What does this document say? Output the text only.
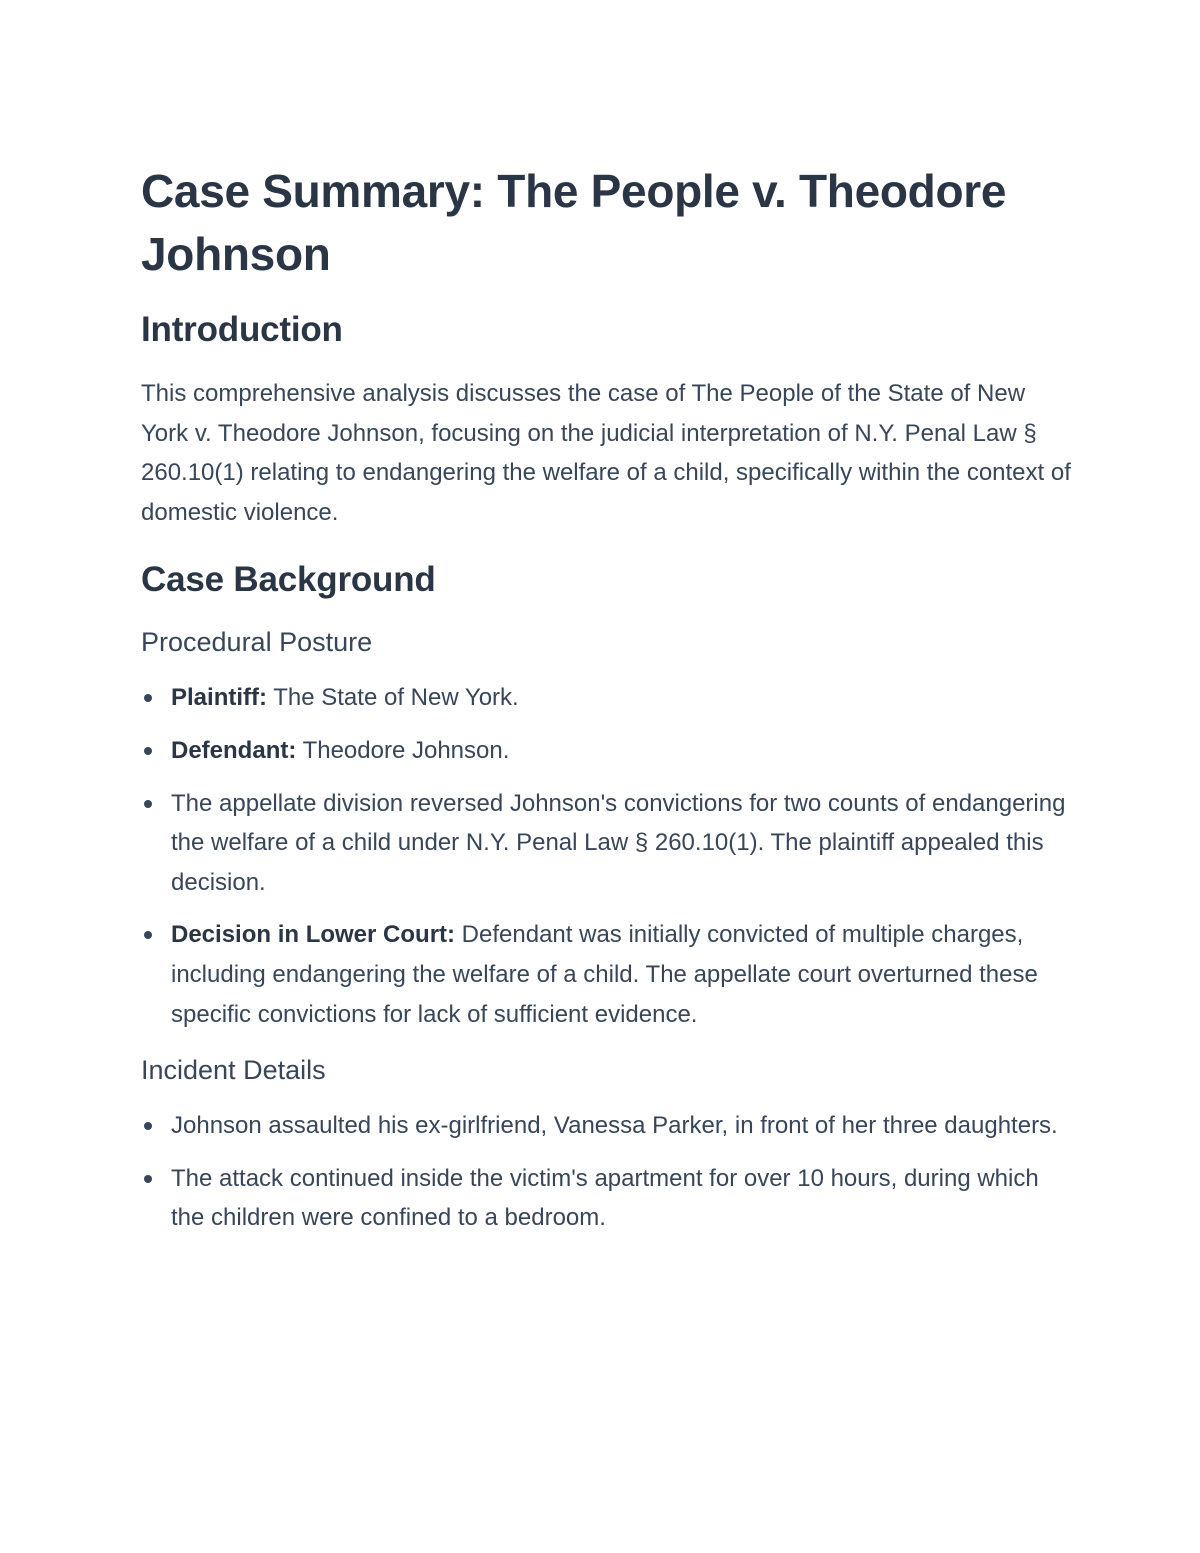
Case Summary: The People v. Theodore Johnson
Introduction

This comprehensive analysis discusses the case of The People of the State of New York v. Theodore Johnson, focusing on the judicial interpretation of N.Y. Penal Law § 260.10(1) relating to endangering the welfare of a child, specifically within the context of domestic violence.

Case Background
Procedural Posture
Plaintiff: The State of New York.
Defendant: Theodore Johnson.
The appellate division reversed Johnson's convictions for two counts of endangering the welfare of a child under N.Y. Penal Law § 260.10(1). The plaintiff appealed this decision.
Decision in Lower Court: Defendant was initially convicted of multiple charges, including endangering the welfare of a child. The appellate court overturned these specific convictions for lack of sufficient evidence.
Incident Details
Johnson assaulted his ex-girlfriend, Vanessa Parker, in front of her three daughters.
The attack continued inside the victim's apartment for over 10 hours, during which the children were confined to a bedroom.
